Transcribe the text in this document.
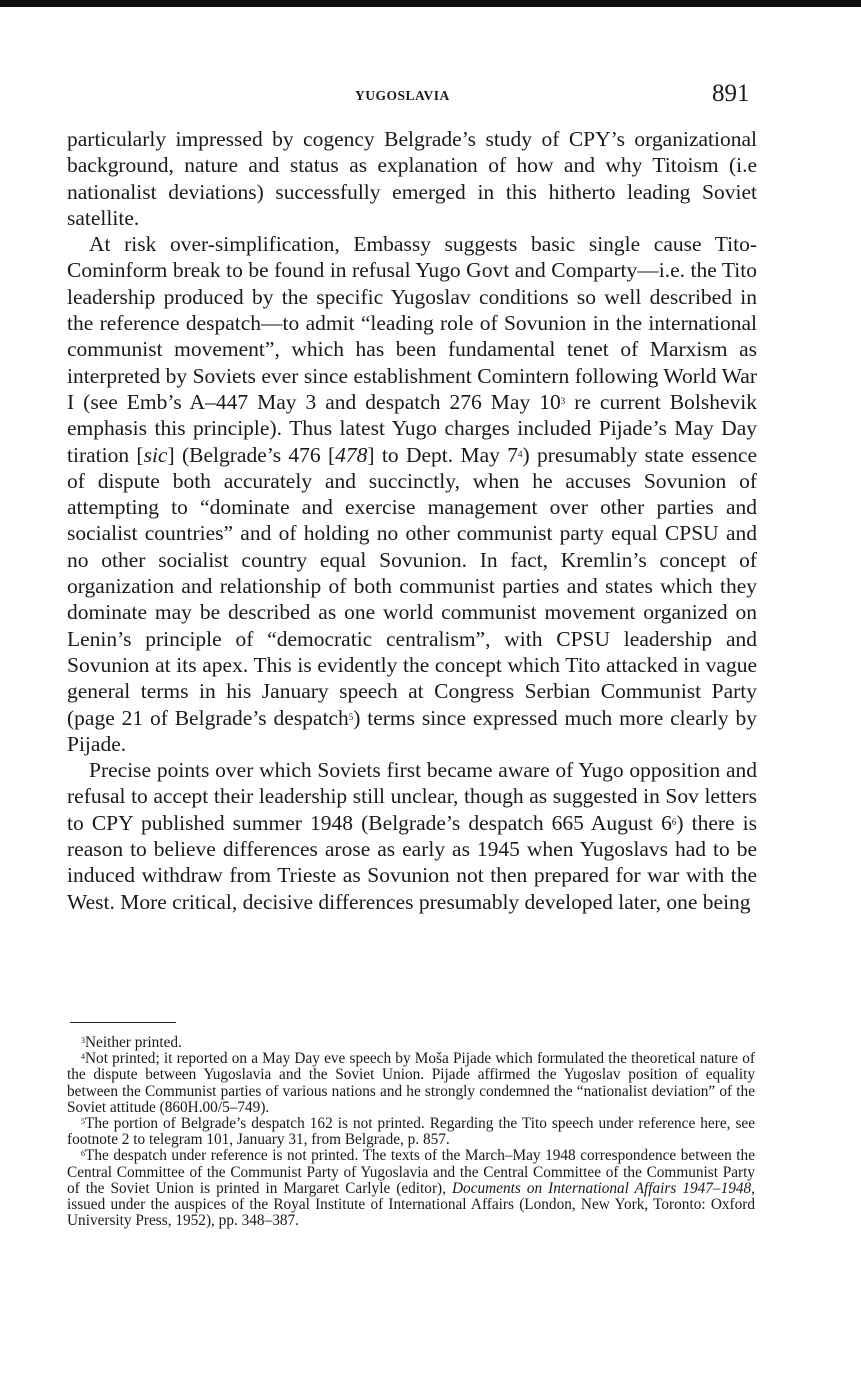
YUGOSLAVIA	891

particularly impressed by cogency Belgrade’s study of CPY’s organizational background, nature and status as explanation of how and why Titoism (i.e nationalist deviations) successfully emerged in this hitherto leading Soviet satellite.

At risk over-simplification, Embassy suggests basic single cause Tito-Cominform break to be found in refusal Yugo Govt and Comparty—i.e. the Tito leadership produced by the specific Yugoslav conditions so well described in the reference despatch—to admit “leading role of Sovunion in the international communist movement”, which has been fundamental tenet of Marxism as interpreted by Soviets ever since establishment Comintern following World War I (see Emb’s A–447 May 3 and despatch 276 May $10^3$ re current Bolshevik emphasis this principle). Thus latest Yugo charges included Pijade’s May Day tiration [sic] (Belgrade’s 476 [478] to Dept. May $7^4$) presumably state essence of dispute both accurately and succinctly, when he accuses Sovunion of attempting to “dominate and exercise management over other parties and socialist countries” and of holding no other communist party equal CPSU and no other socialist country equal Sovunion. In fact, Kremlin’s concept of organization and relationship of both communist parties and states which they dominate may be described as one world communist movement organized on Lenin’s principle of “democratic centralism”, with CPSU leadership and Sovunion at its apex. This is evidently the concept which Tito attacked in vague general terms in his January speech at Congress Serbian Communist Party (page 21 of Belgrade’s despatch$^5$) terms since expressed much more clearly by Pijade.

Precise points over which Soviets first became aware of Yugo opposition and refusal to accept their leadership still unclear, though as suggested in Sov letters to CPY published summer 1948 (Belgrade’s despatch 665 August $6^6$) there is reason to believe differences arose as early as 1945 when Yugoslavs had to be induced withdraw from Trieste as Sovunion not then prepared for war with the West. More critical, decisive differences presumably developed later, one being

$^3$Neither printed.

$^4$Not printed; it reported on a May Day eve speech by Moša Pijade which formulated the theoretical nature of the dispute between Yugoslavia and the Soviet Union. Pijade affirmed the Yugoslav position of equality between the Communist parties of various nations and he strongly condemned the “nationalist deviation” of the Soviet attitude (860H.00/5–749).

$^5$The portion of Belgrade’s despatch 162 is not printed. Regarding the Tito speech under reference here, see footnote 2 to telegram 101, January 31, from Belgrade, p. 857.

$^6$The despatch under reference is not printed. The texts of the March–May 1948 correspondence between the Central Committee of the Communist Party of Yugoslavia and the Central Committee of the Communist Party of the Soviet Union is printed in Margaret Carlyle (editor), Documents on International Affairs 1947–1948, issued under the auspices of the Royal Institute of International Affairs (London, New York, Toronto: Oxford University Press, 1952), pp. 348–387.
